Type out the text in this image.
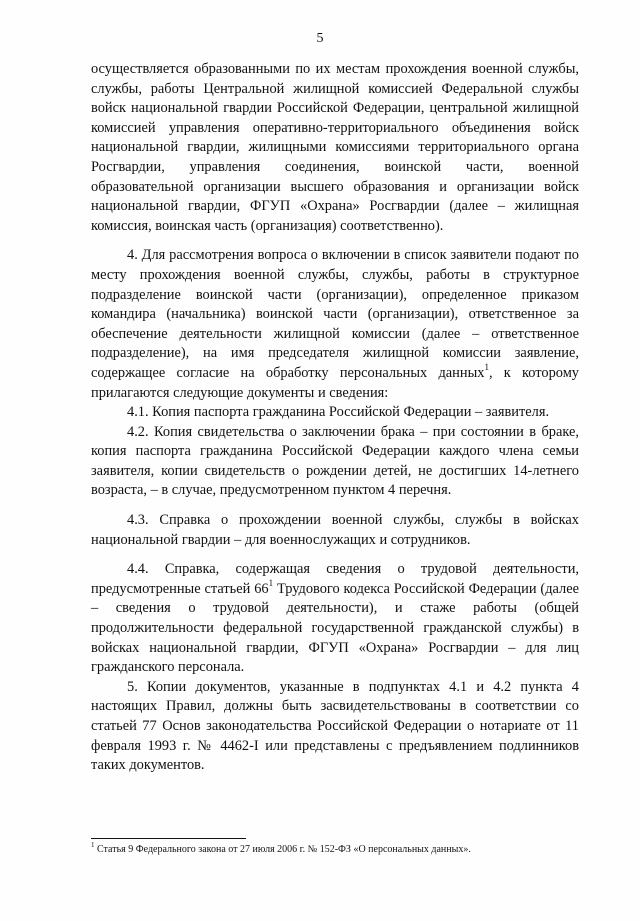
5

осуществляется образованными по их местам прохождения военной службы, службы, работы Центральной жилищной комиссией Федеральной службы войск национальной гвардии Российской Федерации, центральной жилищной комиссией управления оперативно-территориального объединения войск национальной гвардии, жилищными комиссиями территориального органа Росгвардии, управления соединения, воинской части, военной образовательной организации высшего образования и организации войск национальной гвардии, ФГУП «Охрана» Росгвардии (далее – жилищная комиссия, воинская часть (организация) соответственно).

4. Для рассмотрения вопроса о включении в список заявители подают по месту прохождения военной службы, службы, работы в структурное подразделение воинской части (организации), определенное приказом командира (начальника) воинской части (организации), ответственное за обеспечение деятельности жилищной комиссии (далее – ответственное подразделение), на имя председателя жилищной комиссии заявление, содержащее согласие на обработку персональных данных$^1$, к которому прилагаются следующие документы и сведения:

4.1. Копия паспорта гражданина Российской Федерации – заявителя.

4.2. Копия свидетельства о заключении брака – при состоянии в браке, копия паспорта гражданина Российской Федерации каждого члена семьи заявителя, копии свидетельств о рождении детей, не достигших 14-летнего возраста, – в случае, предусмотренном пунктом 4 перечня.

4.3. Справка о прохождении военной службы, службы в войсках национальной гвардии – для военнослужащих и сотрудников.

4.4. Справка, содержащая сведения о трудовой деятельности, предусмотренные статьей $66^1$ Трудового кодекса Российской Федерации (далее – сведения о трудовой деятельности), и стаже работы (общей продолжительности федеральной государственной гражданской службы) в войсках национальной гвардии, ФГУП «Охрана» Росгвардии – для лиц гражданского персонала.

5. Копии документов, указанные в подпунктах 4.1 и 4.2 пункта 4 настоящих Правил, должны быть засвидетельствованы в соответствии со статьей 77 Основ законодательства Российской Федерации о нотариате от 11 февраля 1993 г. № 4462-I или представлены с предъявлением подлинников таких документов.

$^1$ Статья 9 Федерального закона от 27 июля 2006 г. № 152-ФЗ «О персональных данных».
